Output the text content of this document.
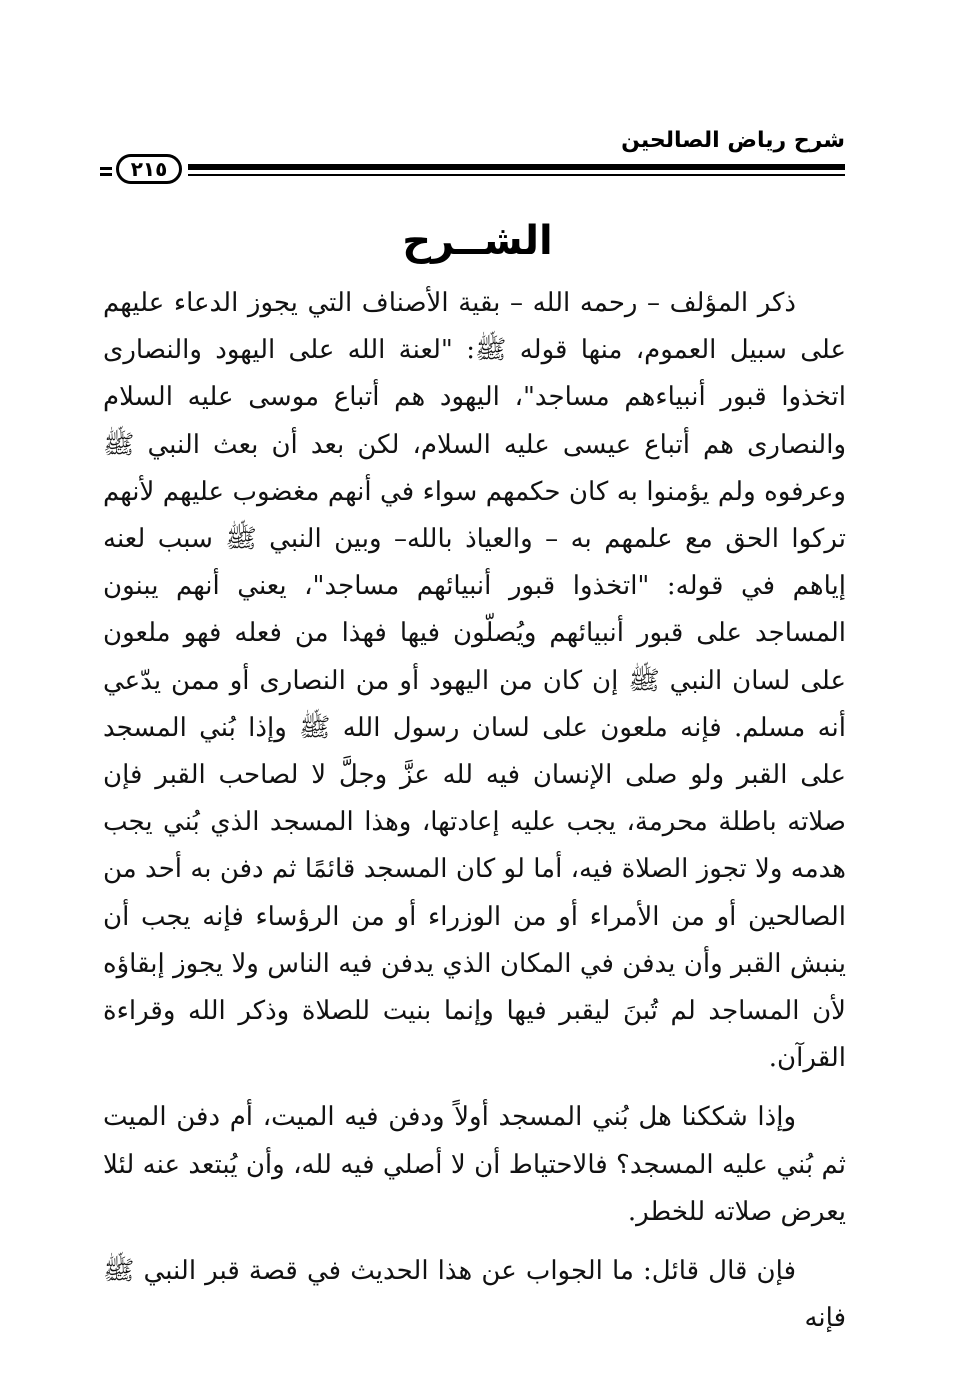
شرح رياض الصالحين
٢١٥
الشــرح

ذكر المؤلف – رحمه الله – بقية الأصناف التي يجوز الدعاء عليهم على سبيل العموم، منها قوله ﷺ: "لعنة الله على اليهود والنصارى اتخذوا قبور أنبياءهم مساجد"، اليهود هم أتباع موسى عليه السلام والنصارى هم أتباع عيسى عليه السلام، لكن بعد أن بعث النبي ﷺ وعرفوه ولم يؤمنوا به كان حكمهم سواء في أنهم مغضوب عليهم لأنهم تركوا الحق مع علمهم به – والعياذ بالله– وبين النبي ﷺ سبب لعنه إياهم في قوله: "اتخذوا قبور أنبيائهم مساجد"، يعني أنهم يبنون المساجد على قبور أنبيائهم ويُصلّون فيها فهذا من فعله فهو ملعون على لسان النبي ﷺ إن كان من اليهود أو من النصارى أو ممن يدّعي أنه مسلم. فإنه ملعون على لسان رسول الله ﷺ وإذا بُني المسجد على القبر ولو صلى الإنسان فيه لله عزَّ وجلَّ لا لصاحب القبر فإن صلاته باطلة محرمة، يجب عليه إعادتها، وهذا المسجد الذي بُني يجب هدمه ولا تجوز الصلاة فيه، أما لو كان المسجد قائمًا ثم دفن به أحد من الصالحين أو من الأمراء أو من الوزراء أو من الرؤساء فإنه يجب أن ينبش القبر وأن يدفن في المكان الذي يدفن فيه الناس ولا يجوز إبقاؤه لأن المساجد لم تُبنَ ليقبر فيها وإنما بنيت للصلاة وذكر الله وقراءة القرآن.

وإذا شككنا هل بُني المسجد أولاً ودفن فيه الميت، أم دفن الميت ثم بُني عليه المسجد؟ فالاحتياط أن لا أصلي فيه لله، وأن يُبتعد عنه لئلا يعرض صلاته للخطر.

فإن قال قائل: ما الجواب عن هذا الحديث في قصة قبر النبي ﷺ فإنه
